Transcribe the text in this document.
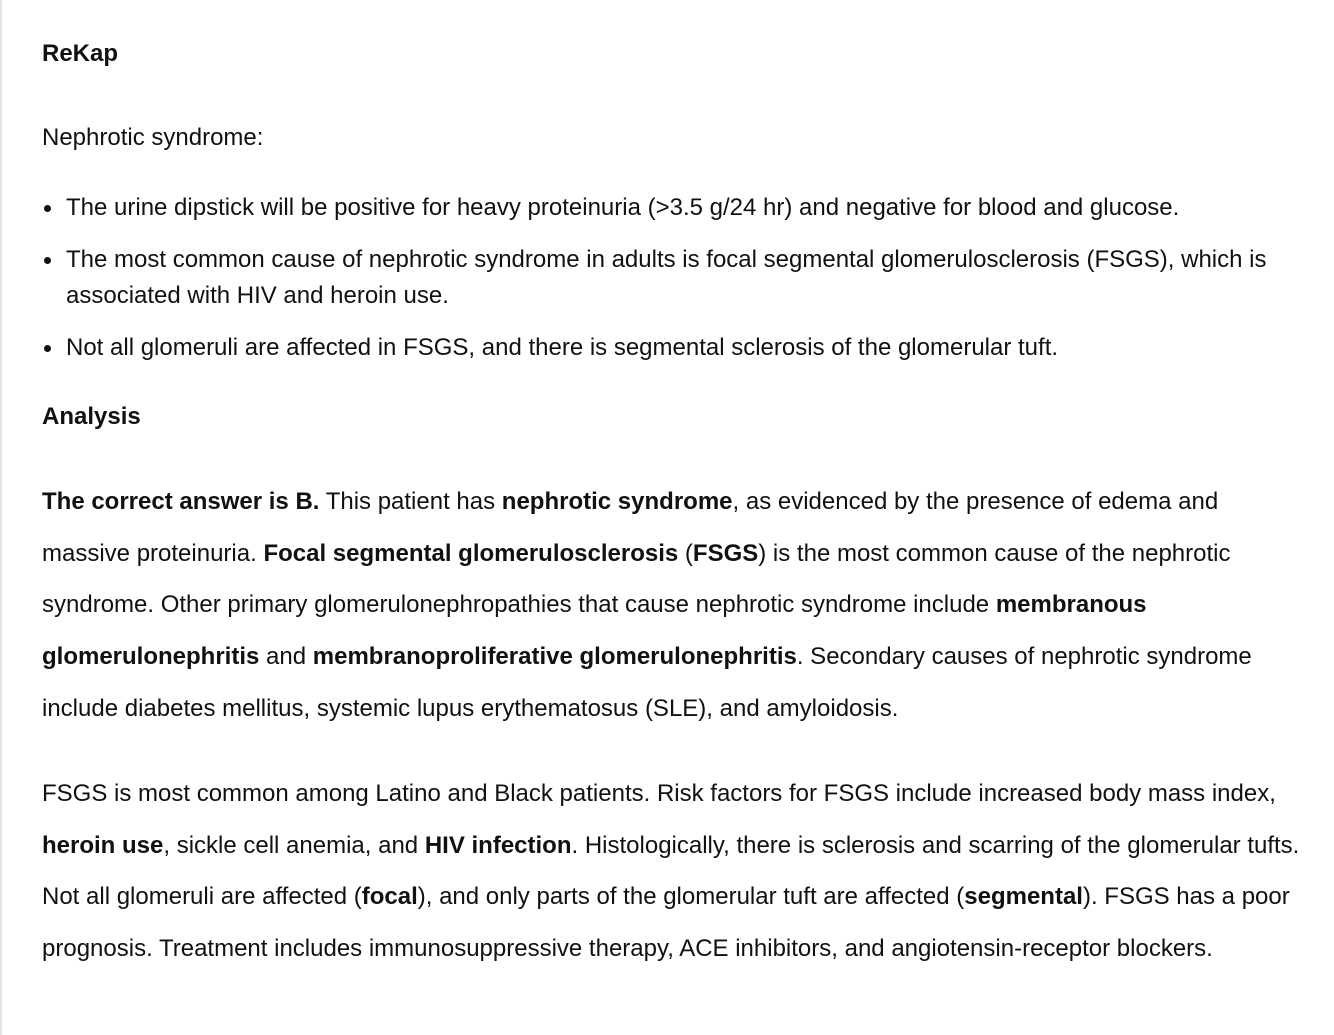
ReKap
Nephrotic syndrome:
The urine dipstick will be positive for heavy proteinuria (>3.5 g/24 hr) and negative for blood and glucose.
The most common cause of nephrotic syndrome in adults is focal segmental glomerulosclerosis (FSGS), which is associated with HIV and heroin use.
Not all glomeruli are affected in FSGS, and there is segmental sclerosis of the glomerular tuft.
Analysis

The correct answer is B. This patient has nephrotic syndrome, as evidenced by the presence of edema and massive proteinuria. Focal segmental glomerulosclerosis (FSGS) is the most common cause of the nephrotic syndrome. Other primary glomerulonephropathies that cause nephrotic syndrome include membranous glomerulonephritis and membranoproliferative glomerulonephritis. Secondary causes of nephrotic syndrome include diabetes mellitus, systemic lupus erythematosus (SLE), and amyloidosis.

FSGS is most common among Latino and Black patients. Risk factors for FSGS include increased body mass index, heroin use, sickle cell anemia, and HIV infection. Histologically, there is sclerosis and scarring of the glomerular tufts. Not all glomeruli are affected (focal), and only parts of the glomerular tuft are affected (segmental). FSGS has a poor prognosis. Treatment includes immunosuppressive therapy, ACE inhibitors, and angiotensin-receptor blockers.
